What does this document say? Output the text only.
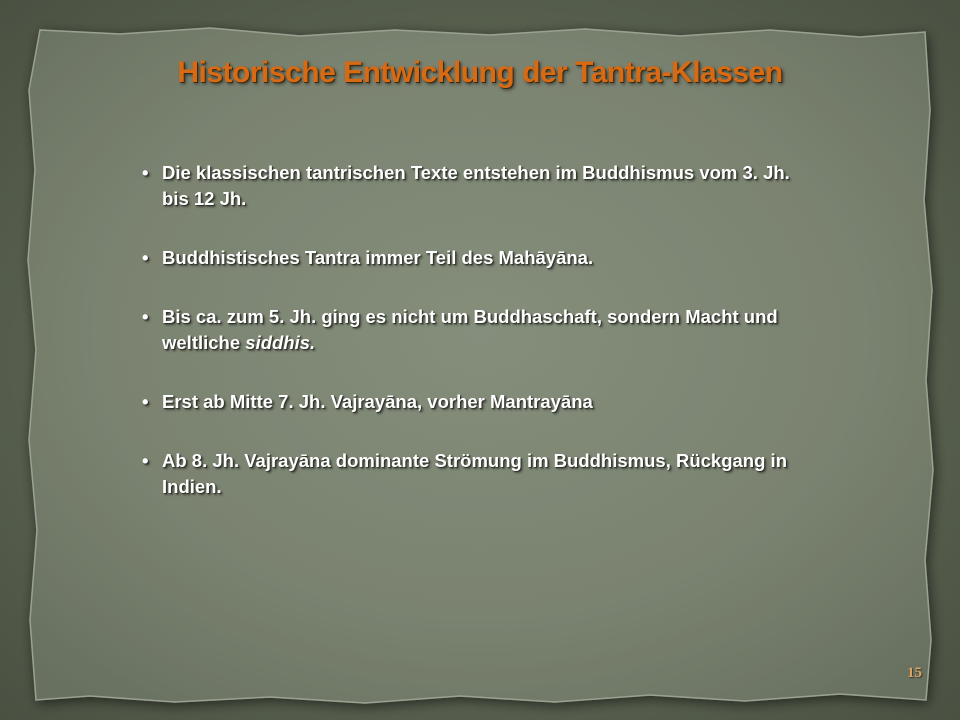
Historische Entwicklung der Tantra-Klassen
• Die klassischen tantrischen Texte entstehen im Buddhismus vom 3. Jh. bis 12 Jh.
• Buddhistisches Tantra immer Teil des Mahāyāna.
• Bis ca. zum 5. Jh. ging es nicht um Buddhaschaft, sondern Macht und weltliche siddhis.
• Erst ab Mitte 7. Jh. Vajrayāna, vorher Mantrayāna
• Ab 8. Jh. Vajrayāna dominante Strömung im Buddhismus, Rückgang in Indien.
15
